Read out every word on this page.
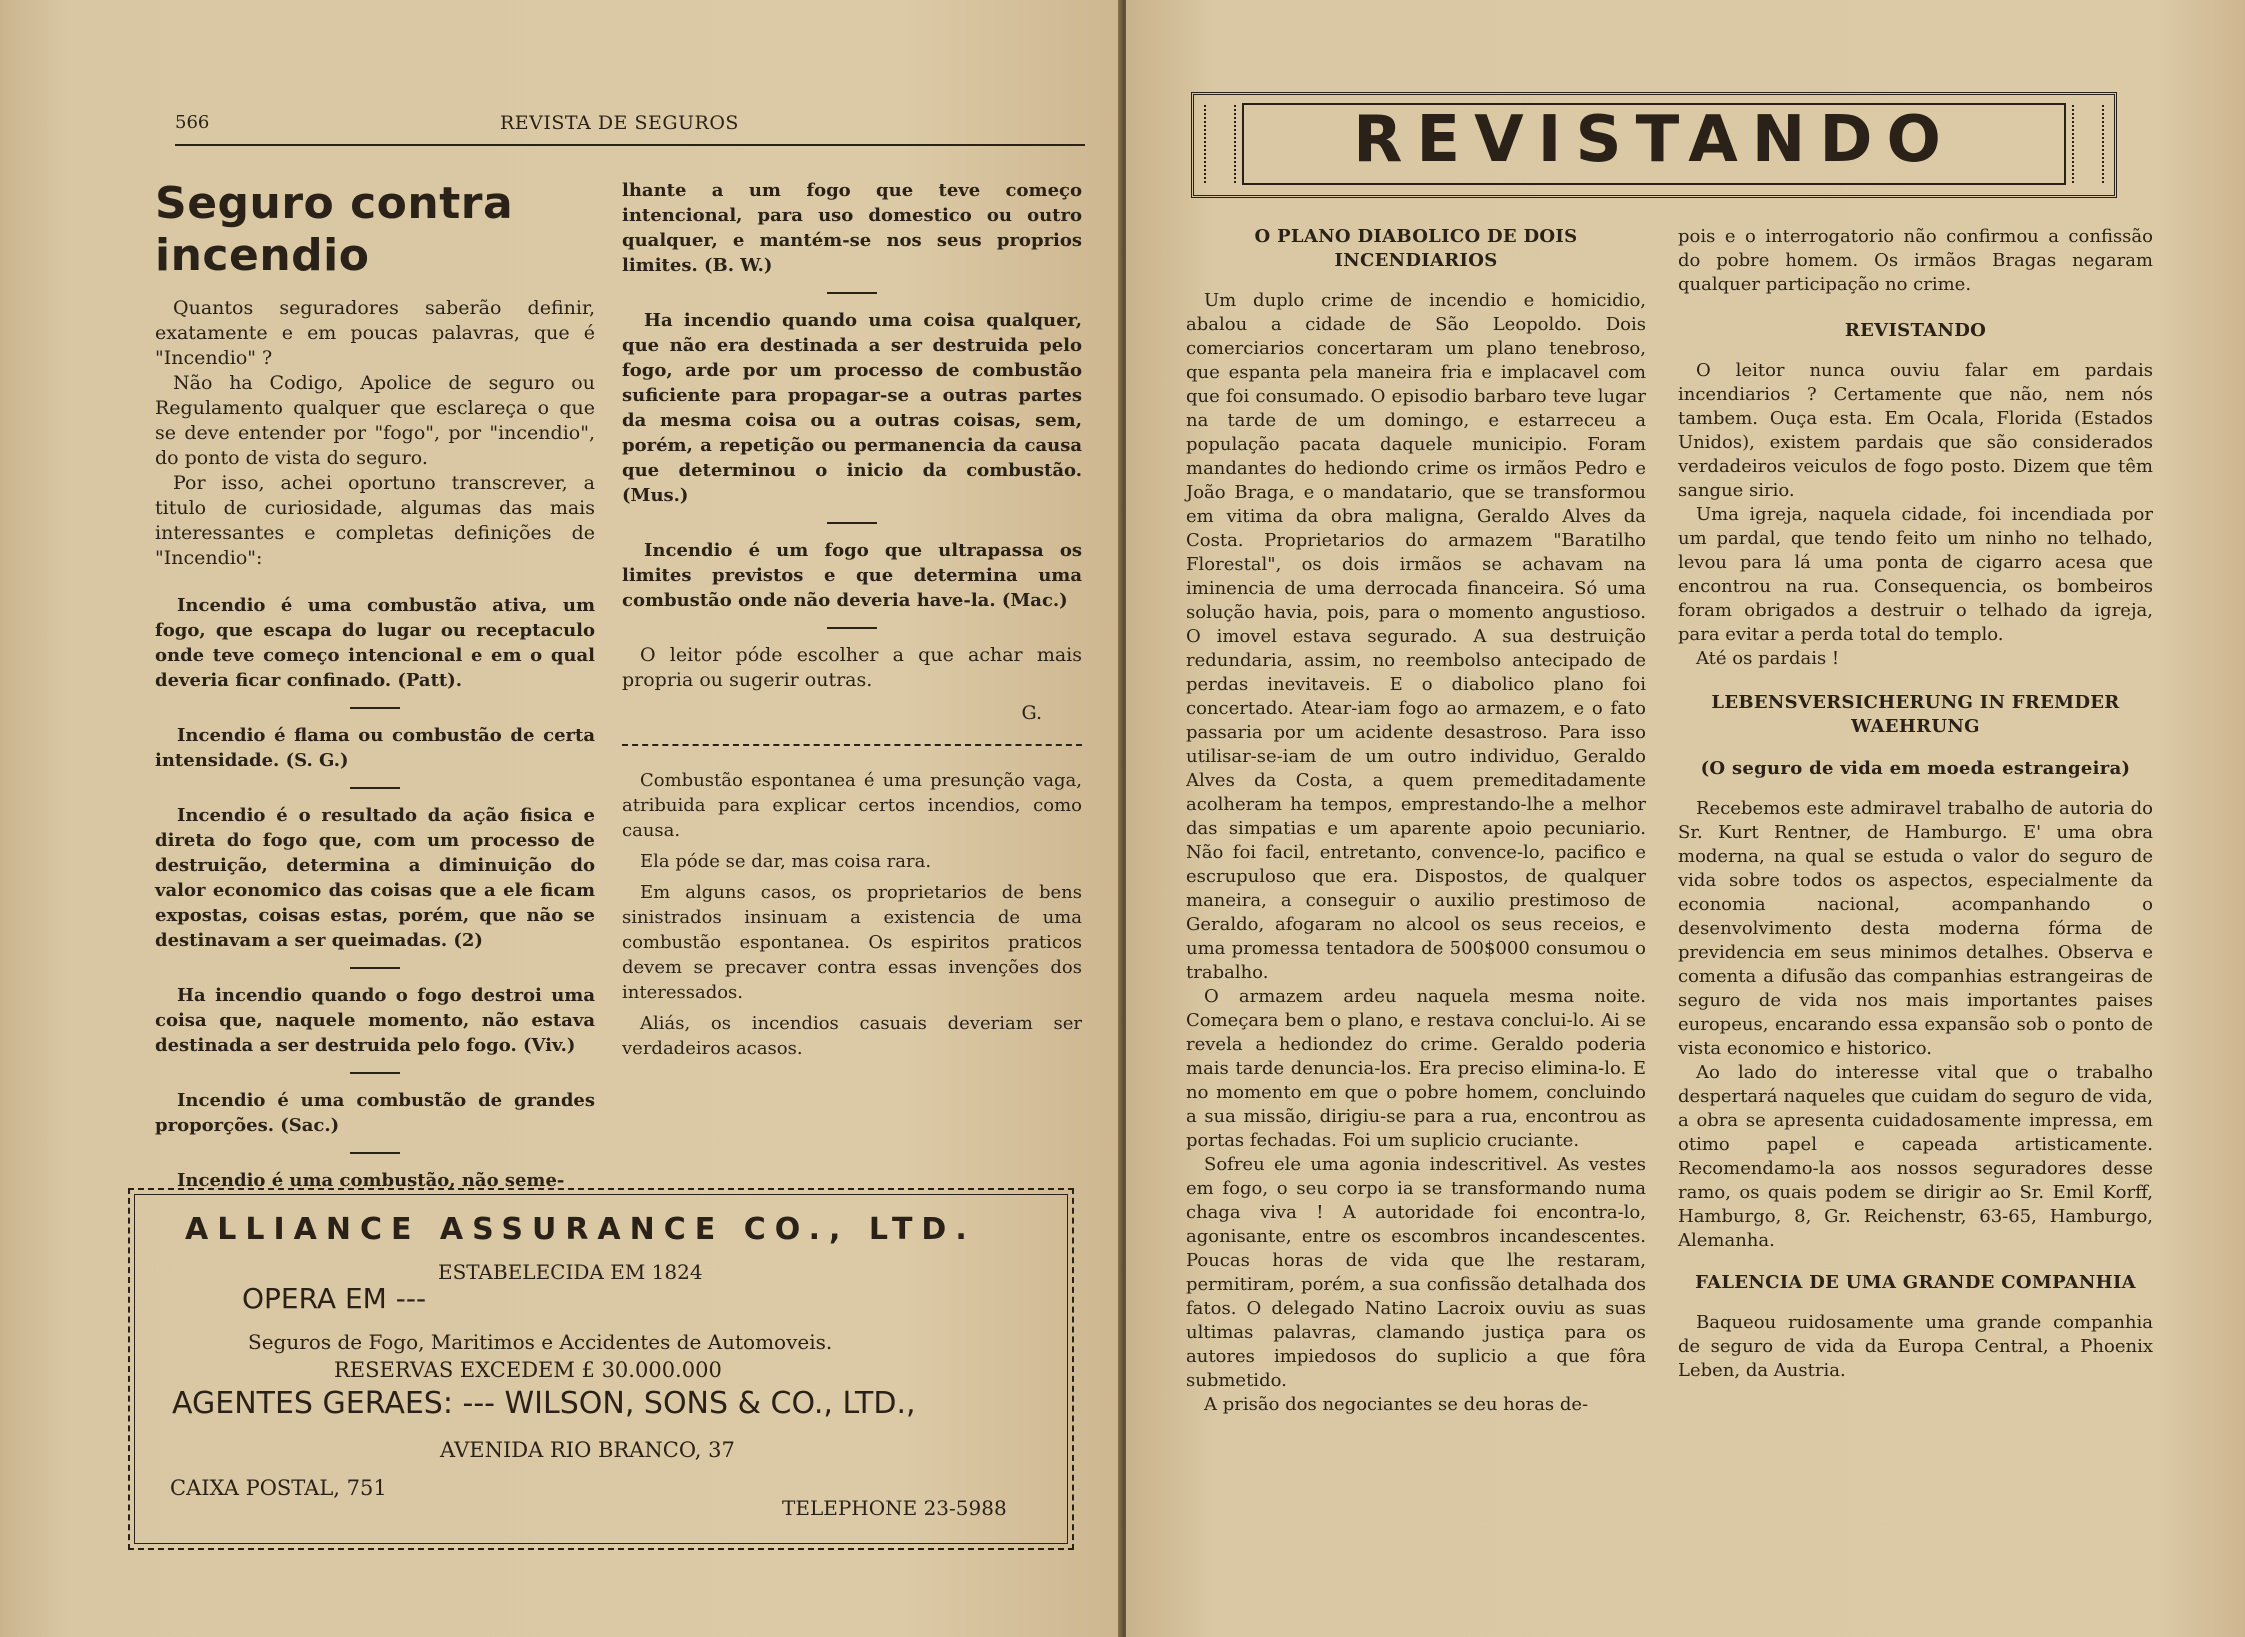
566	REVISTA DE SEGUROS
Seguro contra incendio

Quantos seguradores saberão definir, exatamente e em poucas palavras, que é "Incendio" ?

Não ha Codigo, Apolice de seguro ou Regulamento qualquer que esclareça o que se deve entender por "fogo", por "incendio", do ponto de vista do seguro.

Por isso, achei oportuno transcrever, a titulo de curiosidade, algumas das mais interessantes e completas definições de "Incendio":

Incendio é uma combustão ativa, um fogo, que escapa do lugar ou receptaculo onde teve começo intencional e em o qual deveria ficar confinado. (Patt).

Incendio é flama ou combustão de certa intensidade. (S. G.)

Incendio é o resultado da ação fisica e direta do fogo que, com um processo de destruição, determina a diminuição do valor economico das coisas que a ele ficam expostas, coisas estas, porém, que não se destinavam a ser queimadas. (2)

Ha incendio quando o fogo destroi uma coisa que, naquele momento, não estava destinada a ser destruida pelo fogo. (Viv.)

Incendio é uma combustão de grandes proporções. (Sac.)

Incendio é uma combustão, não seme-

lhante a um fogo que teve começo intencional, para uso domestico ou outro qualquer, e mantém-se nos seus proprios limites. (B. W.)

Ha incendio quando uma coisa qualquer, que não era destinada a ser destruida pelo fogo, arde por um processo de combustão suficiente para propagar-se a outras partes da mesma coisa ou a outras coisas, sem, porém, a repetição ou permanencia da causa que determinou o inicio da combustão. (Mus.)

Incendio é um fogo que ultrapassa os limites previstos e que determina uma combustão onde não deveria have-la. (Mac.)

O leitor póde escolher a que achar mais propria ou sugerir outras.

G.

Combustão espontanea é uma presunção vaga, atribuida para explicar certos incendios, como causa.

Ela póde se dar, mas coisa rara.

Em alguns casos, os proprietarios de bens sinistrados insinuam a existencia de uma combustão espontanea. Os espiritos praticos devem se precaver contra essas invenções dos interessados.

Aliás, os incendios casuais deveriam ser verdadeiros acasos.

ALLIANCE ASSURANCE CO., LTD.
ESTABELECIDA EM 1824
OPERA EM ---
Seguros de Fogo, Maritimos e Accidentes de Automoveis.
RESERVAS EXCEDEM £ 30.000.000
AGENTES GERAES: --- WILSON, SONS & CO., LTD.,
AVENIDA RIO BRANCO, 37
CAIXA POSTAL, 751
TELEPHONE 23-5988
REVISTANDO

O PLANO DIABOLICO DE DOIS INCENDIARIOS

Um duplo crime de incendio e homicidio, abalou a cidade de São Leopoldo. Dois comerciarios concertaram um plano tenebroso, que espanta pela maneira fria e implacavel com que foi consumado. O episodio barbaro teve lugar na tarde de um domingo, e estarreceu a população pacata daquele municipio. Foram mandantes do hediondo crime os irmãos Pedro e João Braga, e o mandatario, que se transformou em vitima da obra maligna, Geraldo Alves da Costa. Proprietarios do armazem "Baratilho Florestal", os dois irmãos se achavam na iminencia de uma derrocada financeira. Só uma solução havia, pois, para o momento angustioso. O imovel estava segurado. A sua destruição redundaria, assim, no reembolso antecipado de perdas inevitaveis. E o diabolico plano foi concertado. Atear-iam fogo ao armazem, e o fato passaria por um acidente desastroso. Para isso utilisar-se-iam de um outro individuo, Geraldo Alves da Costa, a quem premeditadamente acolheram ha tempos, emprestando-lhe a melhor das simpatias e um aparente apoio pecuniario. Não foi facil, entretanto, convence-lo, pacifico e escrupuloso que era. Dispostos, de qualquer maneira, a conseguir o auxilio prestimoso de Geraldo, afogaram no alcool os seus receios, e uma promessa tentadora de 500$000 consumou o trabalho.

O armazem ardeu naquela mesma noite. Começara bem o plano, e restava conclui-lo. Ai se revela a hediondez do crime. Geraldo poderia mais tarde denuncia-los. Era preciso elimina-lo. E no momento em que o pobre homem, concluindo a sua missão, dirigiu-se para a rua, encontrou as portas fechadas. Foi um suplicio cruciante.

Sofreu ele uma agonia indescritivel. As vestes em fogo, o seu corpo ia se transformando numa chaga viva ! A autoridade foi encontra-lo, agonisante, entre os escombros incandescentes. Poucas horas de vida que lhe restaram, permitiram, porém, a sua confissão detalhada dos fatos. O delegado Natino Lacroix ouviu as suas ultimas palavras, clamando justiça para os autores impiedosos do suplicio a que fôra submetido.

A prisão dos negociantes se deu horas de-

pois e o interrogatorio não confirmou a confissão do pobre homem. Os irmãos Bragas negaram qualquer participação no crime.

REVISTANDO

O leitor nunca ouviu falar em pardais incendiarios ? Certamente que não, nem nós tambem. Ouça esta. Em Ocala, Florida (Estados Unidos), existem pardais que são considerados verdadeiros veiculos de fogo posto. Dizem que têm sangue sirio.

Uma igreja, naquela cidade, foi incendiada por um pardal, que tendo feito um ninho no telhado, levou para lá uma ponta de cigarro acesa que encontrou na rua. Consequencia, os bombeiros foram obrigados a destruir o telhado da igreja, para evitar a perda total do templo.

Até os pardais !

LEBENSVERSICHERUNG IN FREMDER WAEHRUNG

(O seguro de vida em moeda estrangeira)

Recebemos este admiravel trabalho de autoria do Sr. Kurt Rentner, de Hamburgo. E' uma obra moderna, na qual se estuda o valor do seguro de vida sobre todos os aspectos, especialmente da economia nacional, acompanhando o desenvolvimento desta moderna fórma de previdencia em seus minimos detalhes. Observa e comenta a difusão das companhias estrangeiras de seguro de vida nos mais importantes paises europeus, encarando essa expansão sob o ponto de vista economico e historico.

Ao lado do interesse vital que o trabalho despertará naqueles que cuidam do seguro de vida, a obra se apresenta cuidadosamente impressa, em otimo papel e capeada artisticamente. Recomendamo-la aos nossos seguradores desse ramo, os quais podem se dirigir ao Sr. Emil Korff, Hamburgo, 8, Gr. Reichenstr, 63-65, Hamburgo, Alemanha.

FALENCIA DE UMA GRANDE COMPANHIA

Baqueou ruidosamente uma grande companhia de seguro de vida da Europa Central, a Phoenix Leben, da Austria.
